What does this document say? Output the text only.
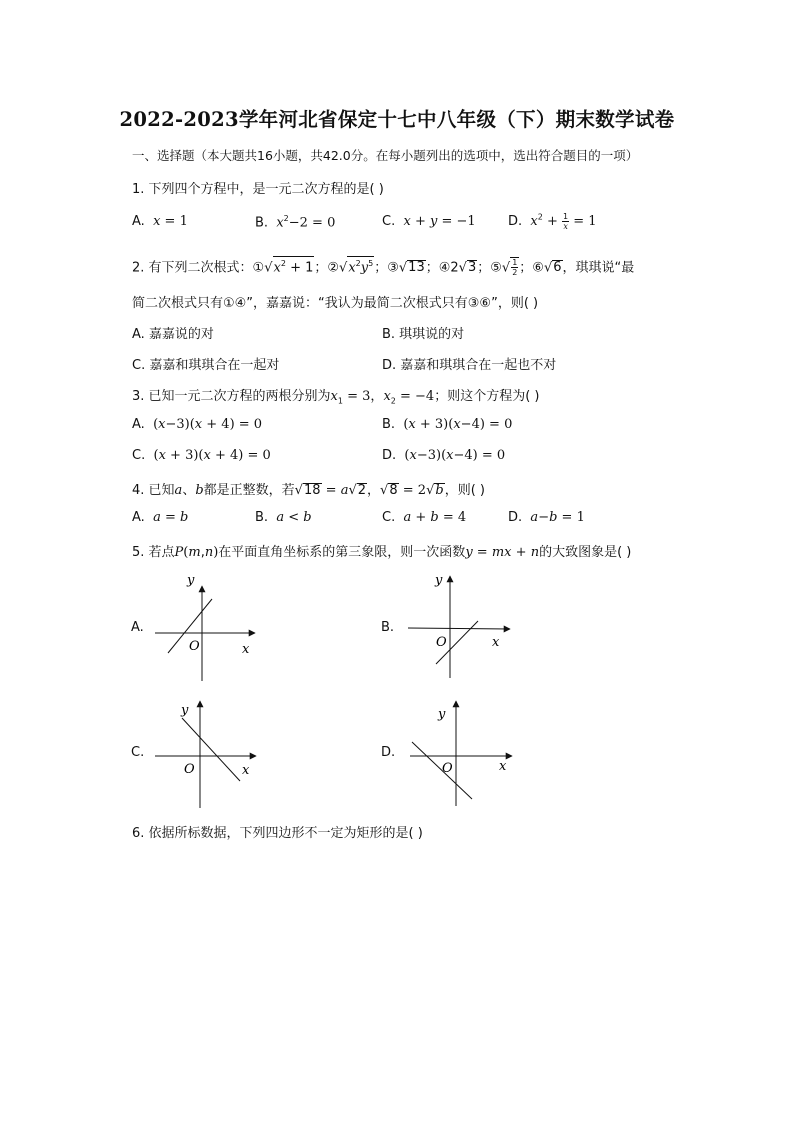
2022-2023学年河北省保定十七中八年级（下）期末数学试卷
一、选择题（本大题共16小题，共42.0分。在每小题列出的选项中，选出符合题目的一项）
1. 下列四个方程中，是一元二次方程的是( )
A. x = 1	B. $x^2-2 = 0$	C. x + y = −1 D. $x^2 + \frac{1}{x} = 1$
2. 有下列二次根式：$①√x^2 + 1$；$②√x^2y^5$；③√13；④2√3；⑤√ $\frac{1}{2}$ ；⑥√6，琪琪说“最
简二次根式只有①④”，嘉嘉说：“我认为最简二次根式只有③⑥”，则( )
A. 嘉嘉说的对	B. 琪琪说的对
C. 嘉嘉和琪琪合在一起对	D. 嘉嘉和琪琪合在一起也不对
3. 已知一元二次方程的两根分别为$x_1 = 3$，$x_2 = -4$；则这个方程为( )
A. (x−3)(x + 4) = 0	B. (x + 3)(x−4) = 0
C. (x + 3)(x + 4) = 0	D. (x−3)(x−4) = 0
4. 已知a、b都是正整数，若√18 = a√2，√8 = 2√b，则( )
A. a = b	B. a < b	C. a + b = 4	D. a−b = 1
5. 若点P(m,n)在平面直角坐标系的第三象限，则一次函数y = mx + n的大致图象是( )
A.
y
x
O
B.
y
x
O
C.
y
x
O
D.
y
x
O
6. 依据所标数据，下列四边形不一定为矩形的是( )
